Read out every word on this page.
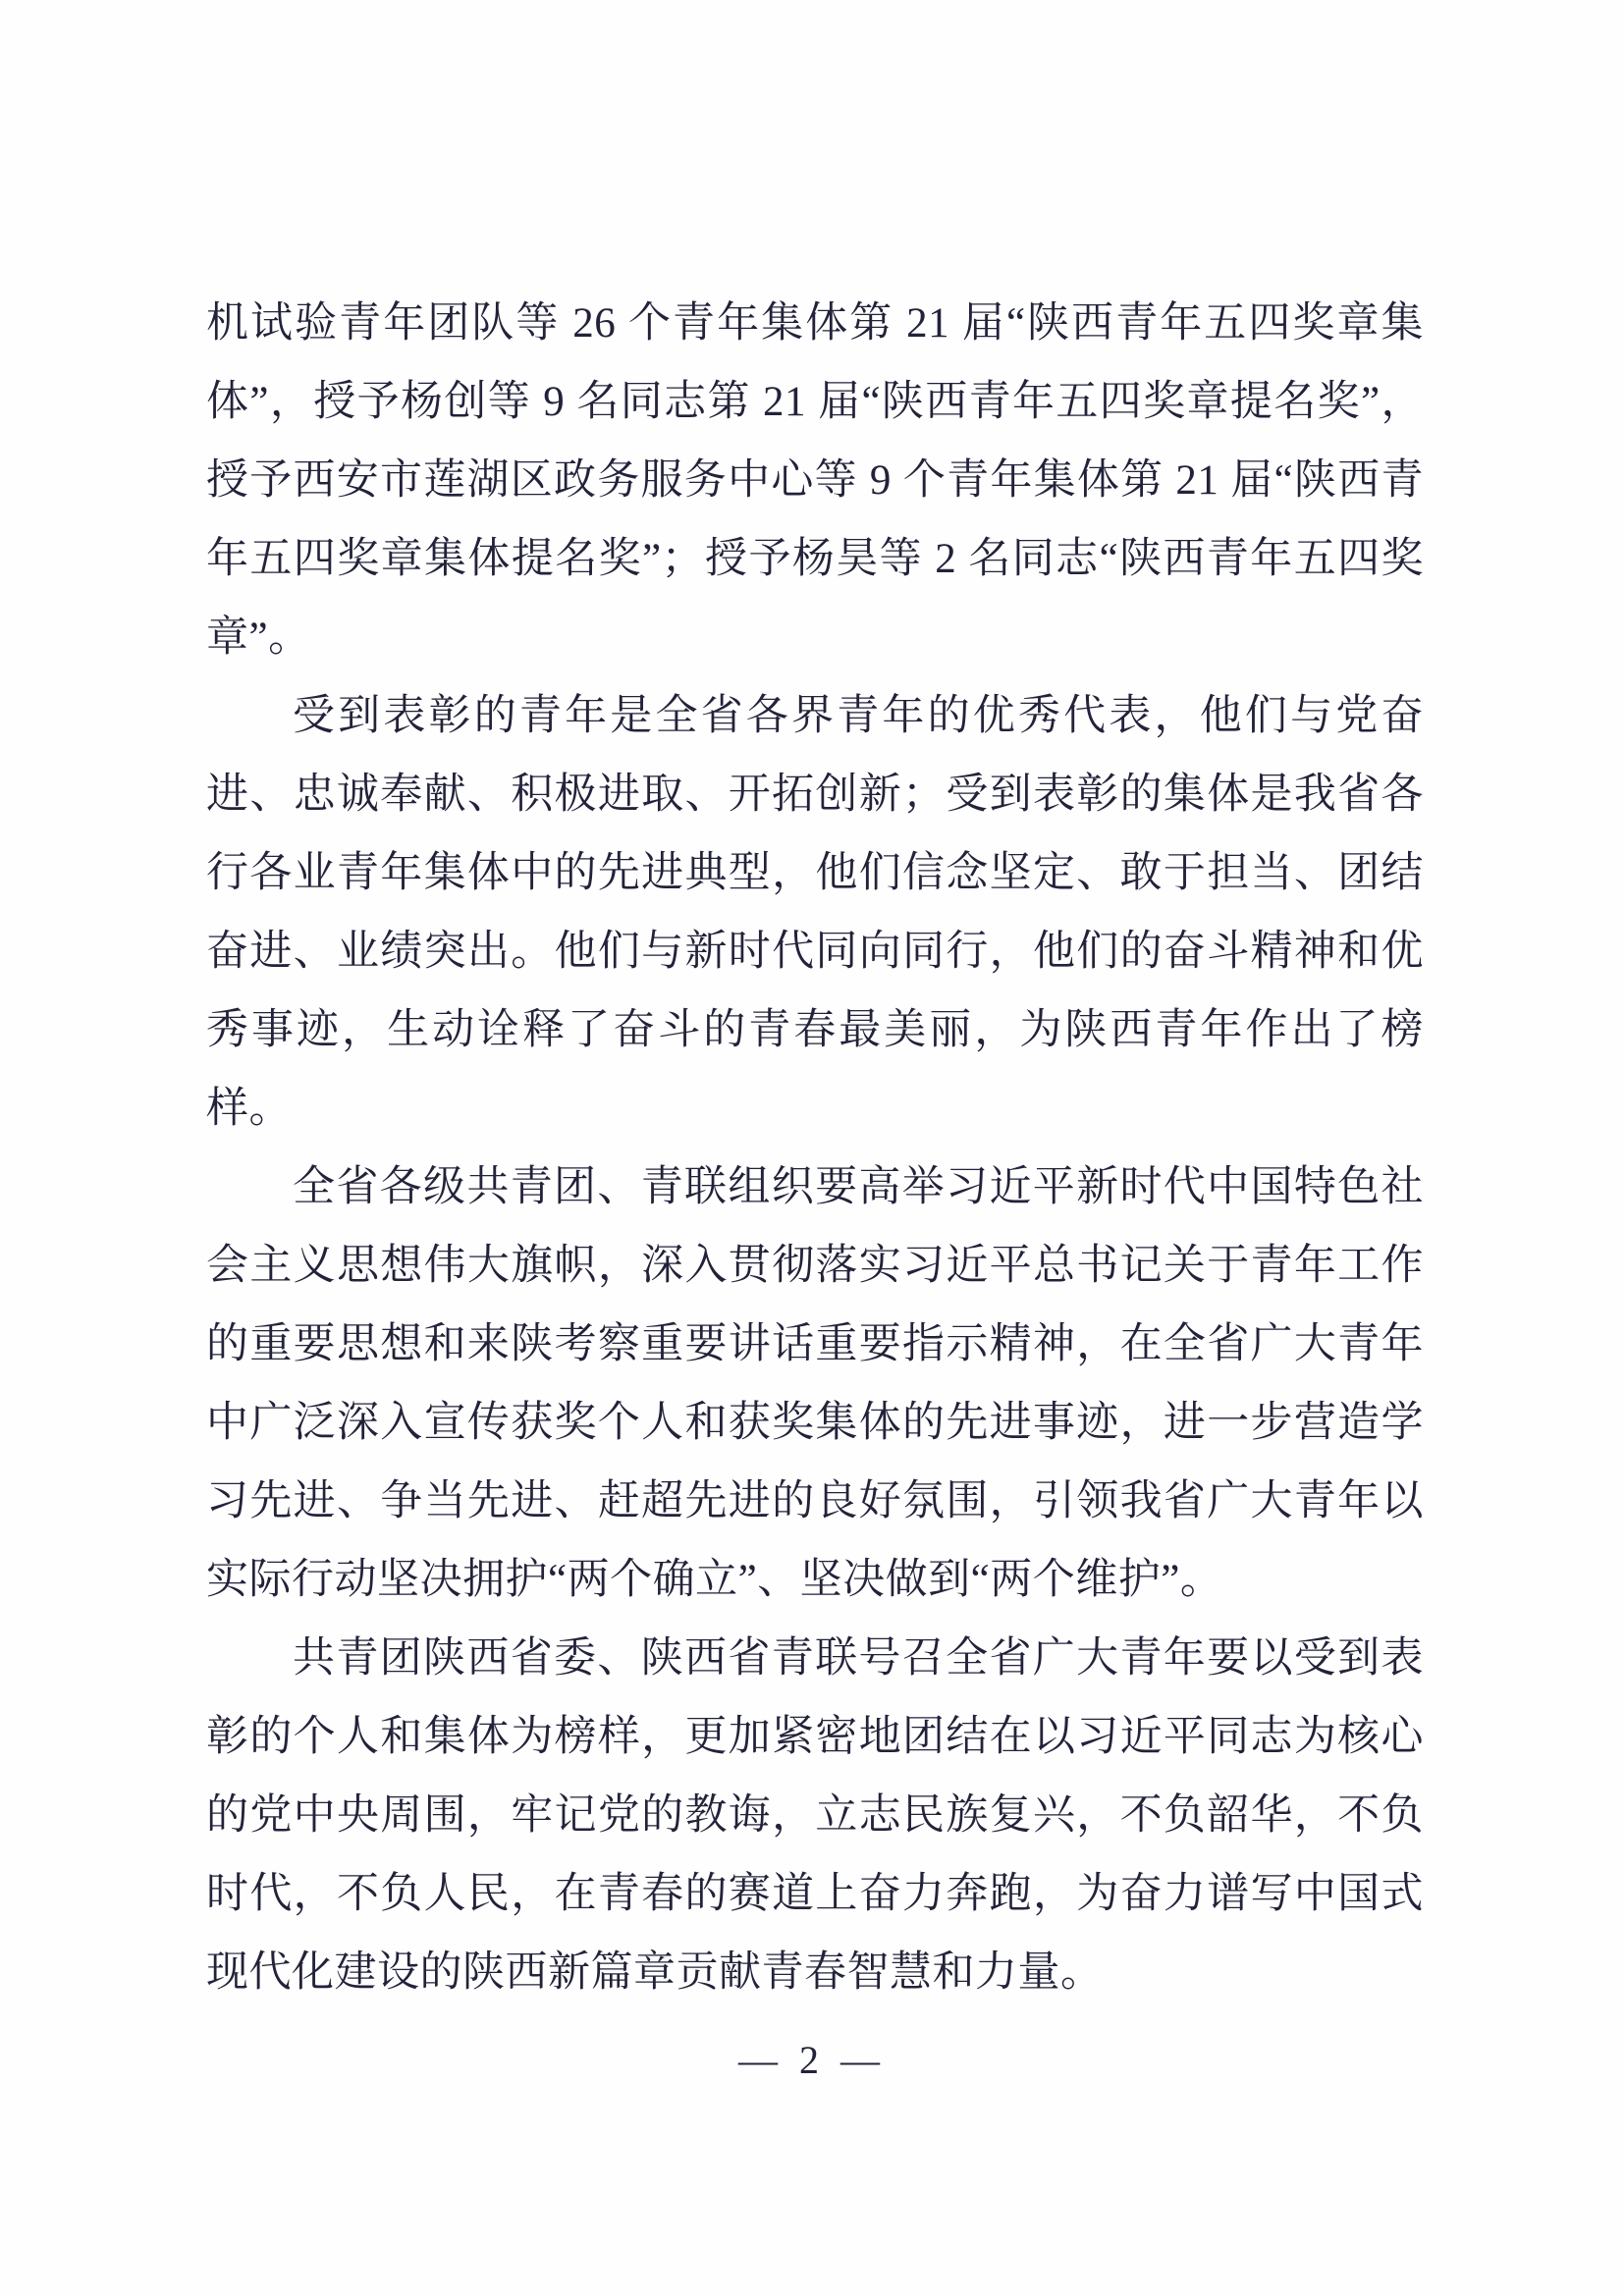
机试验青年团队等 26 个青年集体第 21 届“陕西青年五四奖章集体”，授予杨创等 9 名同志第 21 届“陕西青年五四奖章提名奖”，授予西安市莲湖区政务服务中心等 9 个青年集体第 21 届“陕西青年五四奖章集体提名奖”；授予杨昊等 2 名同志“陕西青年五四奖章”。

受到表彰的青年是全省各界青年的优秀代表，他们与党奋进、忠诚奉献、积极进取、开拓创新；受到表彰的集体是我省各行各业青年集体中的先进典型，他们信念坚定、敢于担当、团结奋进、业绩突出。他们与新时代同向同行，他们的奋斗精神和优秀事迹，生动诠释了奋斗的青春最美丽，为陕西青年作出了榜样。

全省各级共青团、青联组织要高举习近平新时代中国特色社会主义思想伟大旗帜，深入贯彻落实习近平总书记关于青年工作的重要思想和来陕考察重要讲话重要指示精神，在全省广大青年中广泛深入宣传获奖个人和获奖集体的先进事迹，进一步营造学习先进、争当先进、赶超先进的良好氛围，引领我省广大青年以实际行动坚决拥护“两个确立”、坚决做到“两个维护”。

共青团陕西省委、陕西省青联号召全省广大青年要以受到表彰的个人和集体为榜样，更加紧密地团结在以习近平同志为核心的党中央周围，牢记党的教诲，立志民族复兴，不负韶华，不负时代，不负人民，在青春的赛道上奋力奔跑，为奋力谱写中国式现代化建设的陕西新篇章贡献青春智慧和力量。

— 2 —
